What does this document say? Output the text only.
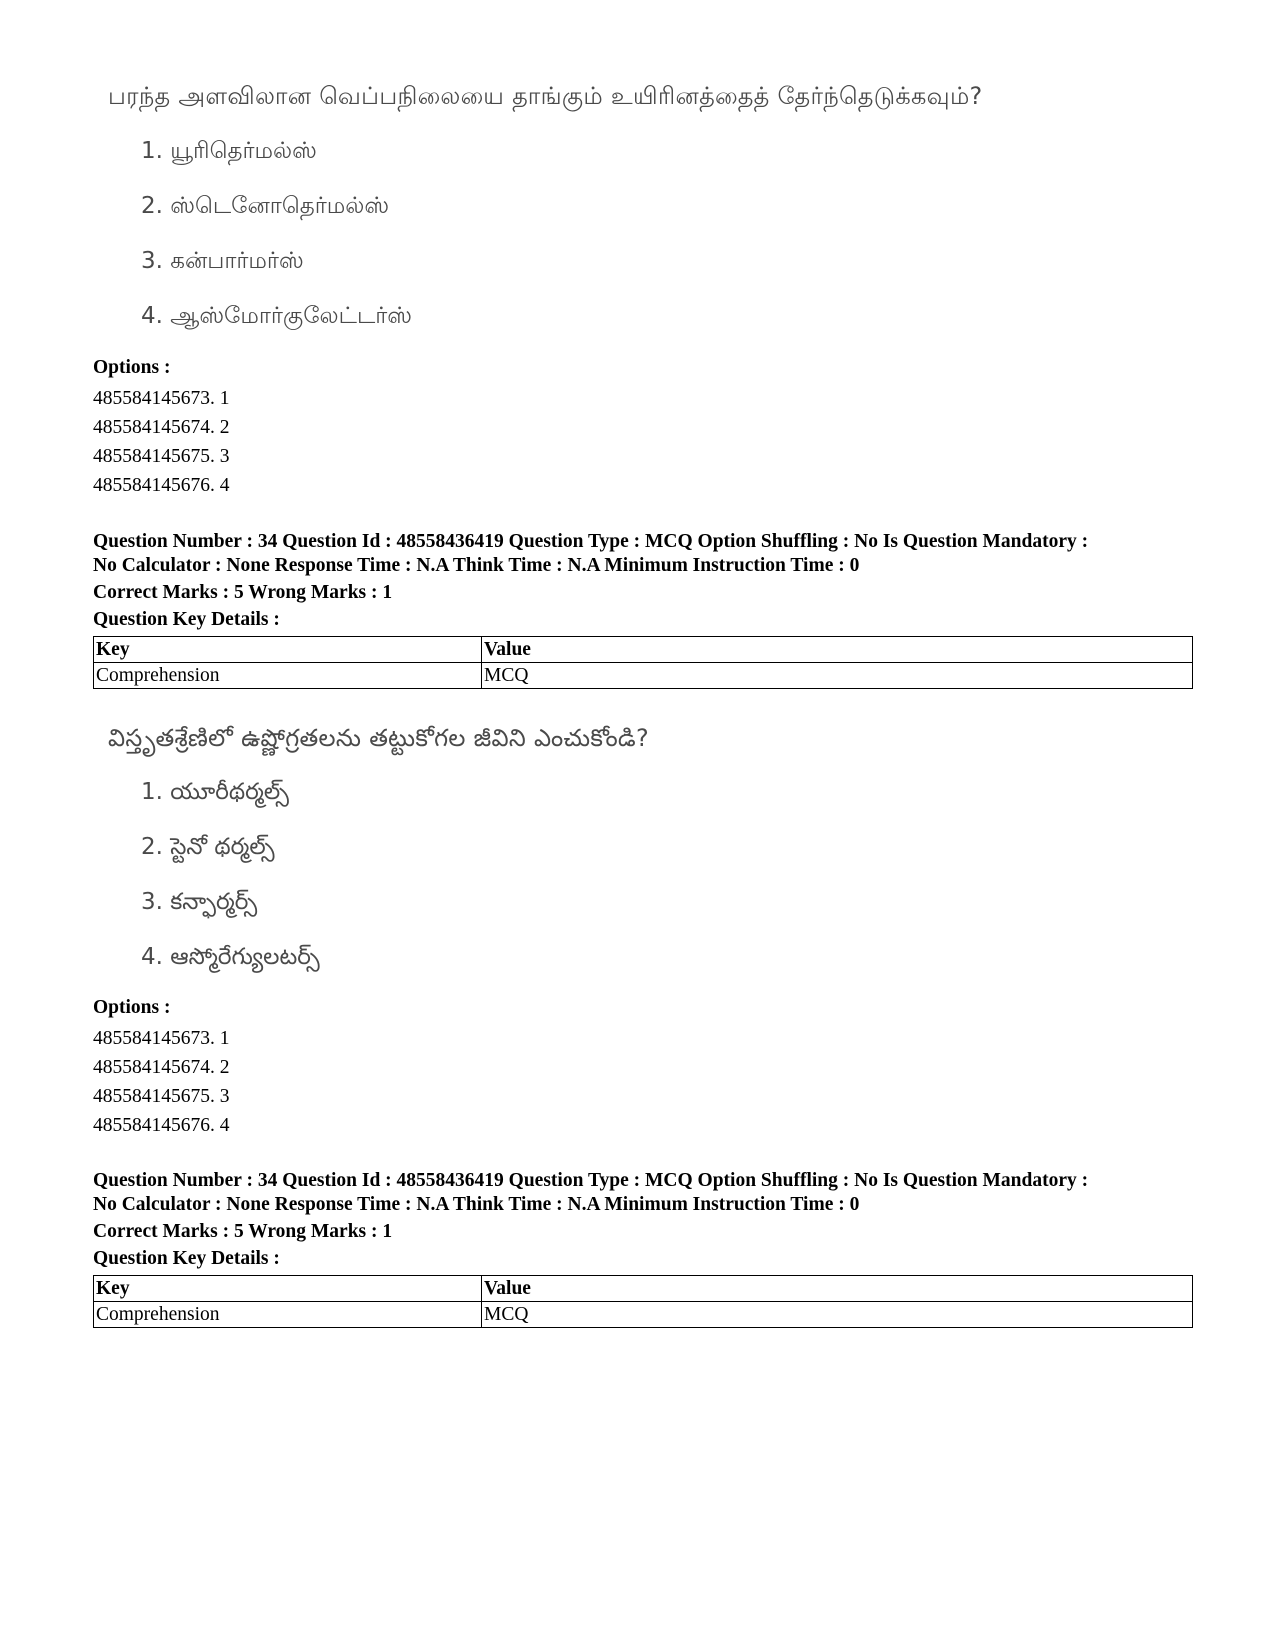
பரந்த அளவிலான வெப்பநிலையை தாங்கும் உயிரினத்தைத் தேர்ந்தெடுக்கவும்?

1. யூரிதெர்மல்ஸ்
2. ஸ்டெனோதெர்மல்ஸ்
3. கன்பார்மர்ஸ்
4. ஆஸ்மோர்குலேட்டர்ஸ்
Options :
485584145673. 1
485584145674. 2
485584145675. 3
485584145676. 4
Question Number : 34 Question Id : 48558436419 Question Type : MCQ Option Shuffling : No Is Question Mandatory :
No Calculator : None Response Time : N.A Think Time : N.A Minimum Instruction Time : 0
Correct Marks : 5 Wrong Marks : 1
Question Key Details :
Key	Value
Comprehension	MCQ

విస్తృతశ్రేణిలో ఉష్ణోగ్రతలను తట్టుకోగల జీవిని ఎంచుకోండి?

1. యూరీథర్మల్స్
2. స్టెనో థర్మల్స్
3. కన్ఫార్మర్స్
4. ఆస్మోరేగ్యులటర్స్
Options :
485584145673. 1
485584145674. 2
485584145675. 3
485584145676. 4
Question Number : 34 Question Id : 48558436419 Question Type : MCQ Option Shuffling : No Is Question Mandatory :
No Calculator : None Response Time : N.A Think Time : N.A Minimum Instruction Time : 0
Correct Marks : 5 Wrong Marks : 1
Question Key Details :
Key	Value
Comprehension	MCQ
